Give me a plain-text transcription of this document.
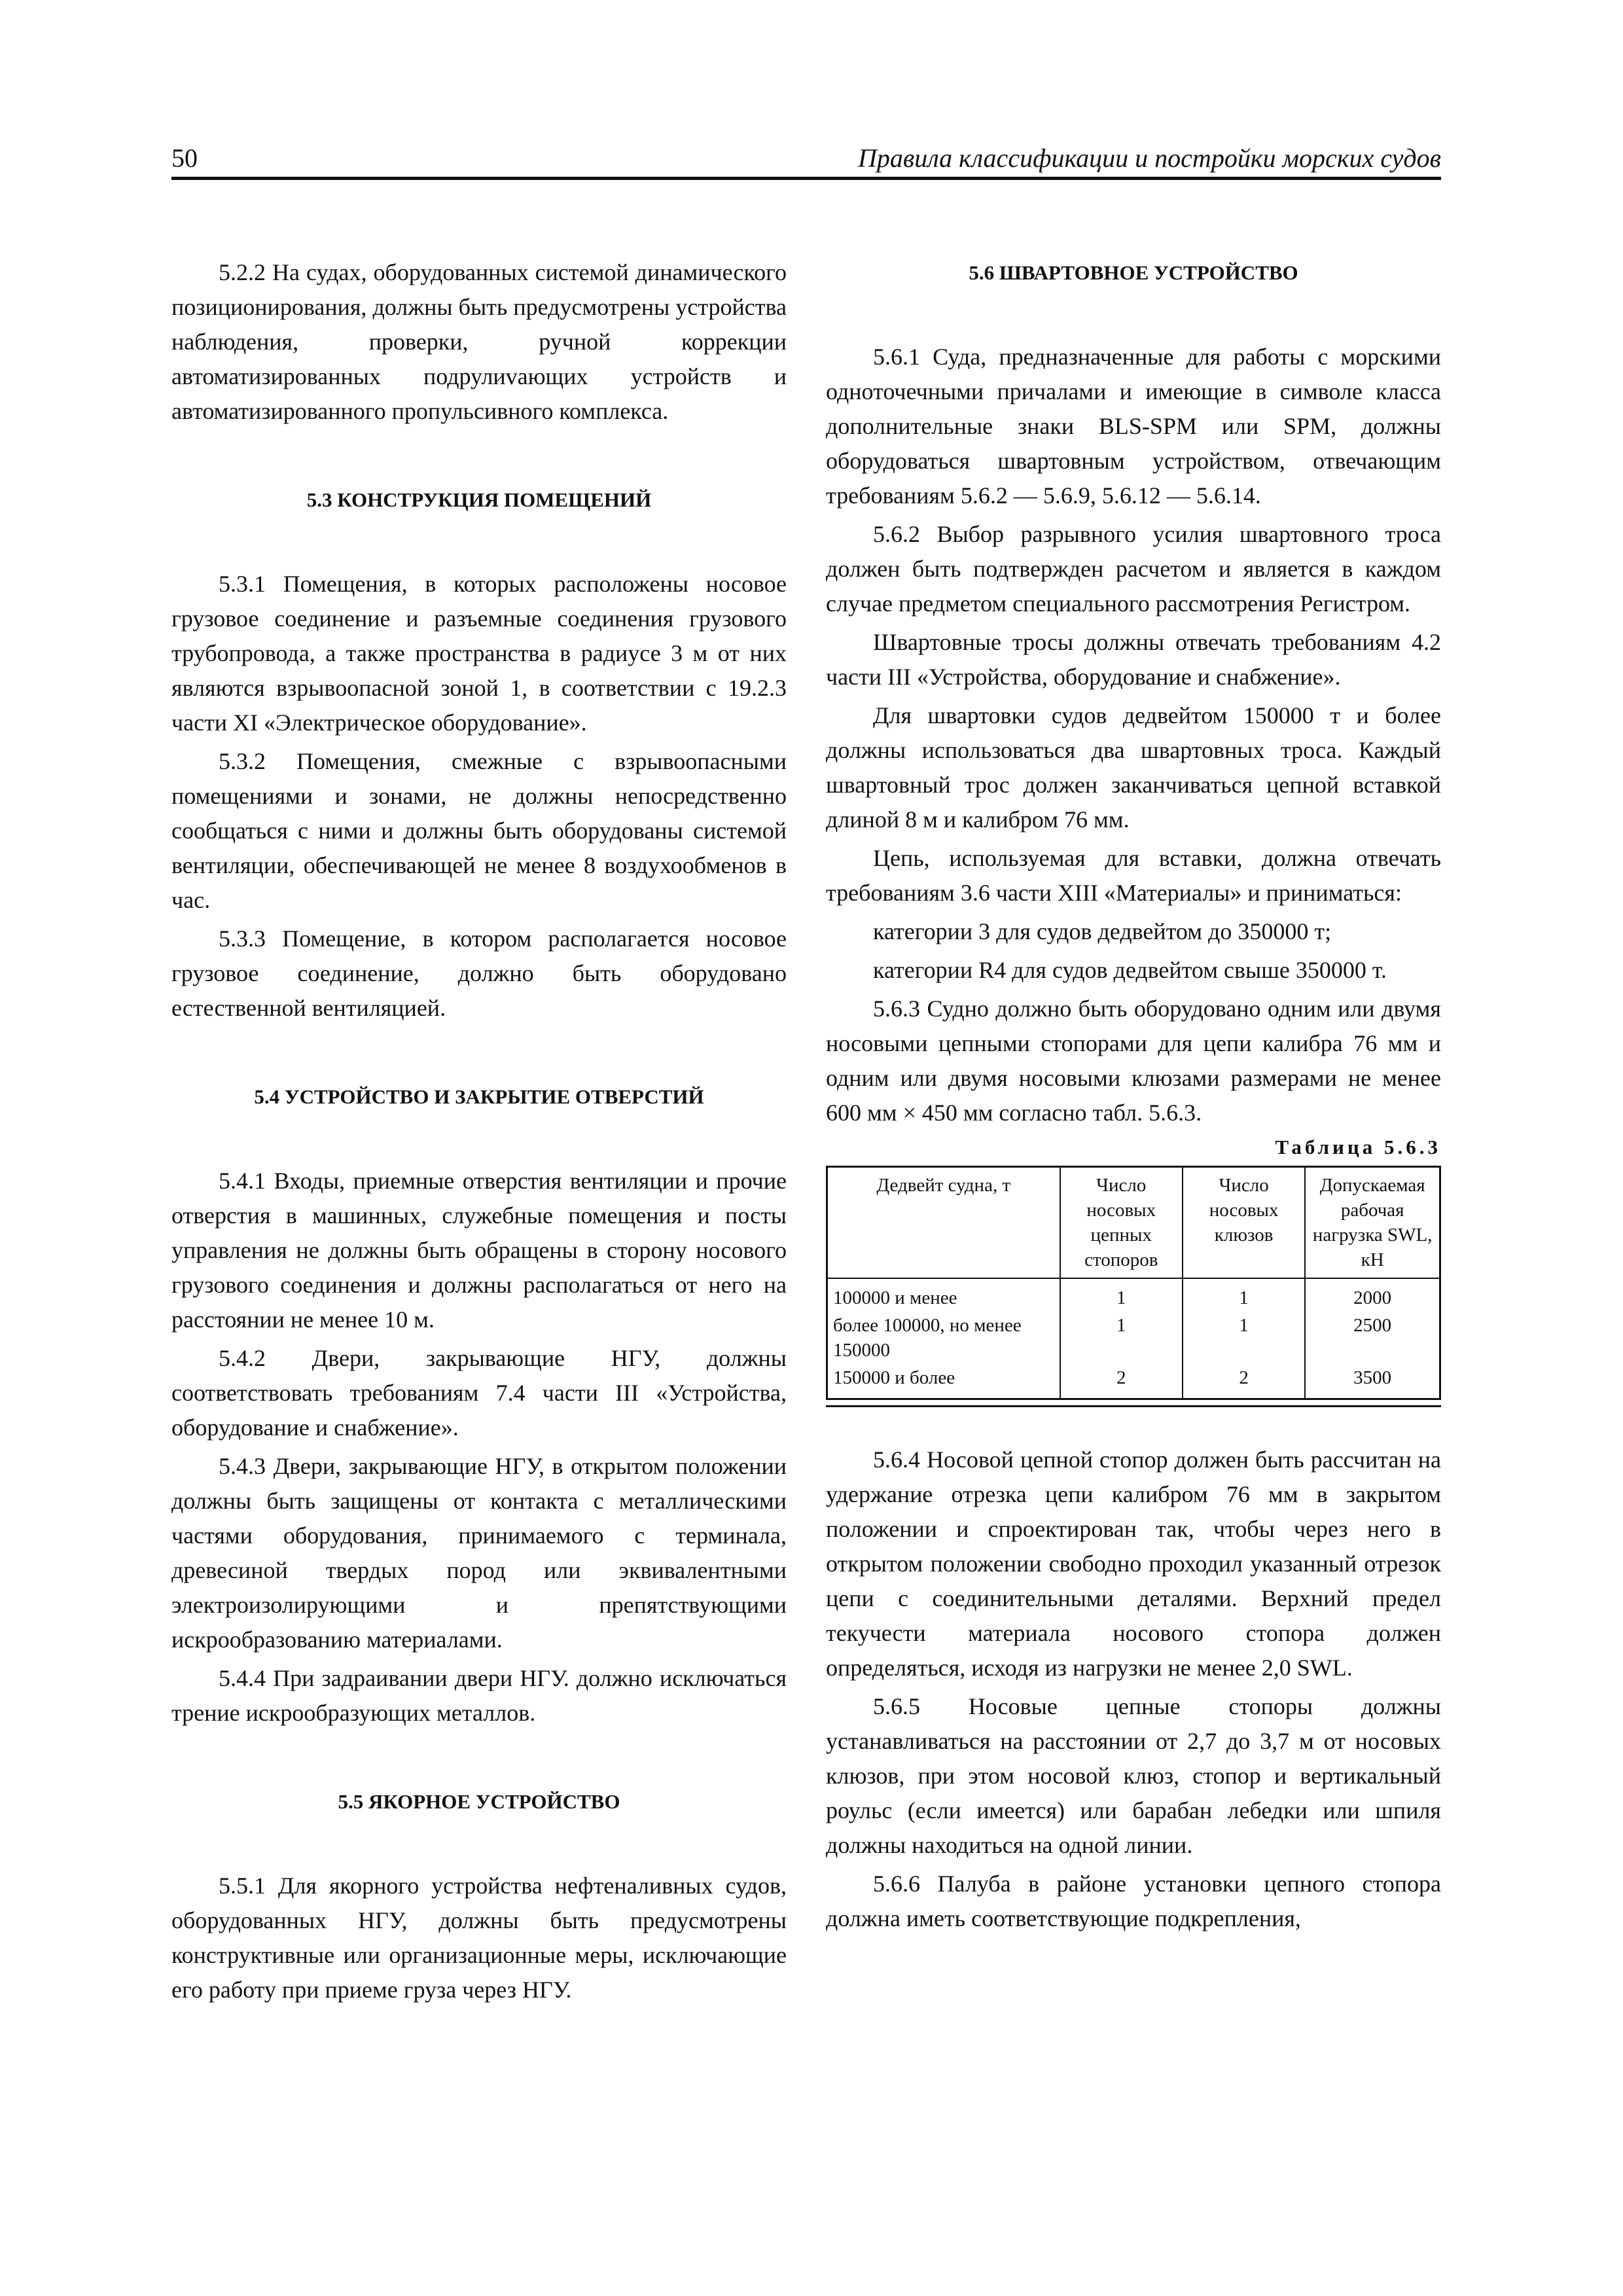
50	Правила классификации и постройки морских судов

5.2.2 На судах, оборудованных системой динамического позиционирования, должны быть предусмотрены устройства наблюдения, проверки, ручной коррекции автоматизированных подрулиvающих устройств и автоматизированного пропульсивного комплекса.

5.3 КОНСТРУКЦИЯ ПОМЕЩЕНИЙ

5.3.1 Помещения, в которых расположены носовое грузовое соединение и разъемные соединения грузового трубопровода, а также пространства в радиусе 3 м от них являются взрывоопасной зоной 1, в соответствии с 19.2.3 части XI «Электрическое оборудование».

5.3.2 Помещения, смежные с взрывоопасными помещениями и зонами, не должны непосредственно сообщаться с ними и должны быть оборудованы системой вентиляции, обеспечивающей не менее 8 воздухообменов в час.

5.3.3 Помещение, в котором располагается носовое грузовое соединение, должно быть оборудовано естественной вентиляцией.

5.4 УСТРОЙСТВО И ЗАКРЫТИЕ ОТВЕРСТИЙ

5.4.1 Входы, приемные отверстия вентиляции и прочие отверстия в машинных, служебные помещения и посты управления не должны быть обращены в сторону носового грузового соединения и должны располагаться от него на расстоянии не менее 10 м.

5.4.2 Двери, закрывающие НГУ, должны соответствовать требованиям 7.4 части III «Устройства, оборудование и снабжение».

5.4.3 Двери, закрывающие НГУ, в открытом положении должны быть защищены от контакта с металлическими частями оборудования, принимаемого с терминала, древесиной твердых пород или эквивалентными электроизолирующими и препятствующими искрообразованию материалами.

5.4.4 При задраивании двери НГУ. должно исключаться трение искрообразующих металлов.

5.5 ЯКОРНОЕ УСТРОЙСТВО

5.5.1 Для якорного устройства нефтеналивных судов, оборудованных НГУ, должны быть предусмотрены конструктивные или организационные меры, исключающие его работу при приеме груза через НГУ.

5.6 ШВАРТОВНОЕ УСТРОЙСТВО

5.6.1 Суда, предназначенные для работы с морскими одноточечными причалами и имеющие в символе класса дополнительные знаки BLS-SPM или SPM, должны оборудоваться швартовным устройством, отвечающим требованиям 5.6.2 — 5.6.9, 5.6.12 — 5.6.14.

5.6.2 Выбор разрывного усилия швартовного троса должен быть подтвержден расчетом и является в каждом случае предметом специального рассмотрения Регистром.

Швартовные тросы должны отвечать требованиям 4.2 части III «Устройства, оборудование и снабжение».

Для швартовки судов дедвейтом 150000 т и более должны использоваться два швартовных троса. Каждый швартовный трос должен заканчиваться цепной вставкой длиной 8 м и калибром 76 мм.

Цепь, используемая для вставки, должна отвечать требованиям 3.6 части XIII «Материалы» и приниматься:

категории 3 для судов дедвейтом до 350000 т;

категории R4 для судов дедвейтом свыше 350000 т.

5.6.3 Судно должно быть оборудовано одним или двумя носовыми цепными стопорами для цепи калибра 76 мм и одним или двумя носовыми клюзами размерами не менее 600 мм × 450 мм согласно табл. 5.6.3.

Таблица 5.6.3
Дедвейт судна, т	Число носовых цепных стопоров	Число носовых клюзов	Допускаемая рабочая нагрузка SWL, кН
100000 и менее	1	1	2000
более 100000, но менее 150000	1	1	2500
150000 и более	2	2	3500

5.6.4 Носовой цепной стопор должен быть рассчитан на удержание отрезка цепи калибром 76 мм в закрытом положении и спроектирован так, чтобы через него в открытом положении свободно проходил указанный отрезок цепи с соединительными деталями. Верхний предел текучести материала носового стопора должен определяться, исходя из нагрузки не менее 2,0 SWL.

5.6.5 Носовые цепные стопоры должны устанавливаться на расстоянии от 2,7 до 3,7 м от носовых клюзов, при этом носовой клюз, стопор и вертикальный роульс (если имеется) или барабан лебедки или шпиля должны находиться на одной линии.

5.6.6 Палуба в районе установки цепного стопора должна иметь соответствующие подкрепления,
